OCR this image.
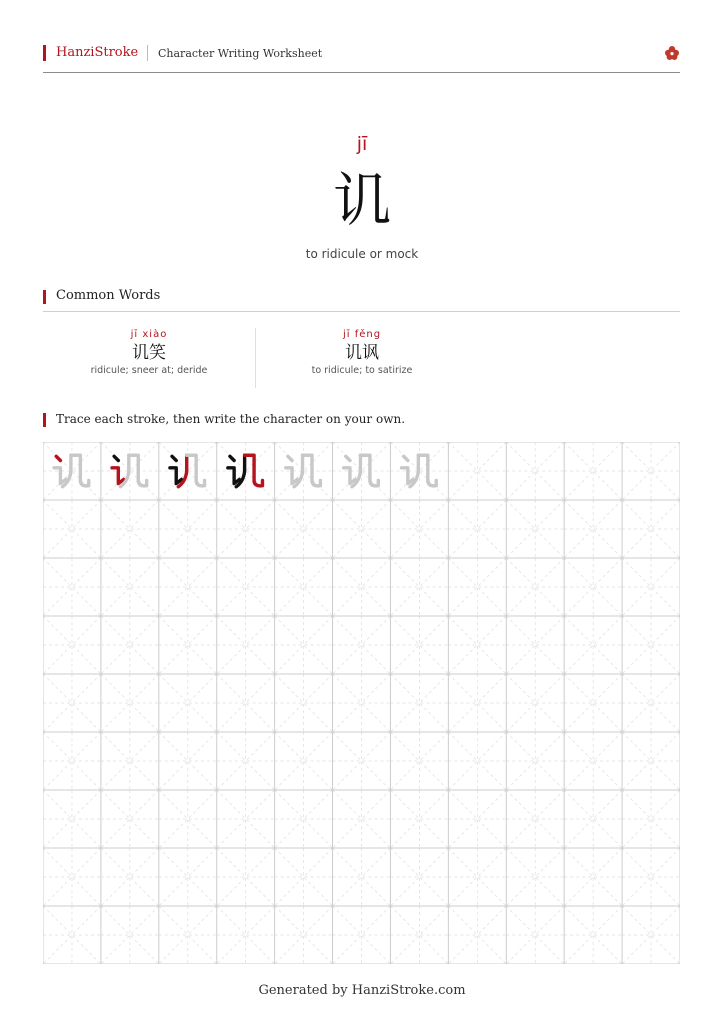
HanziStroke Character Writing Worksheet
jī
讥
to ridicule or mock
Common Words
jī xiào
讥笑
ridicule; sneer at; deride
jī fěng
讥讽
to ridicule; to satirize
Trace each stroke, then write the character on your own.
Generated by HanziStroke.com
